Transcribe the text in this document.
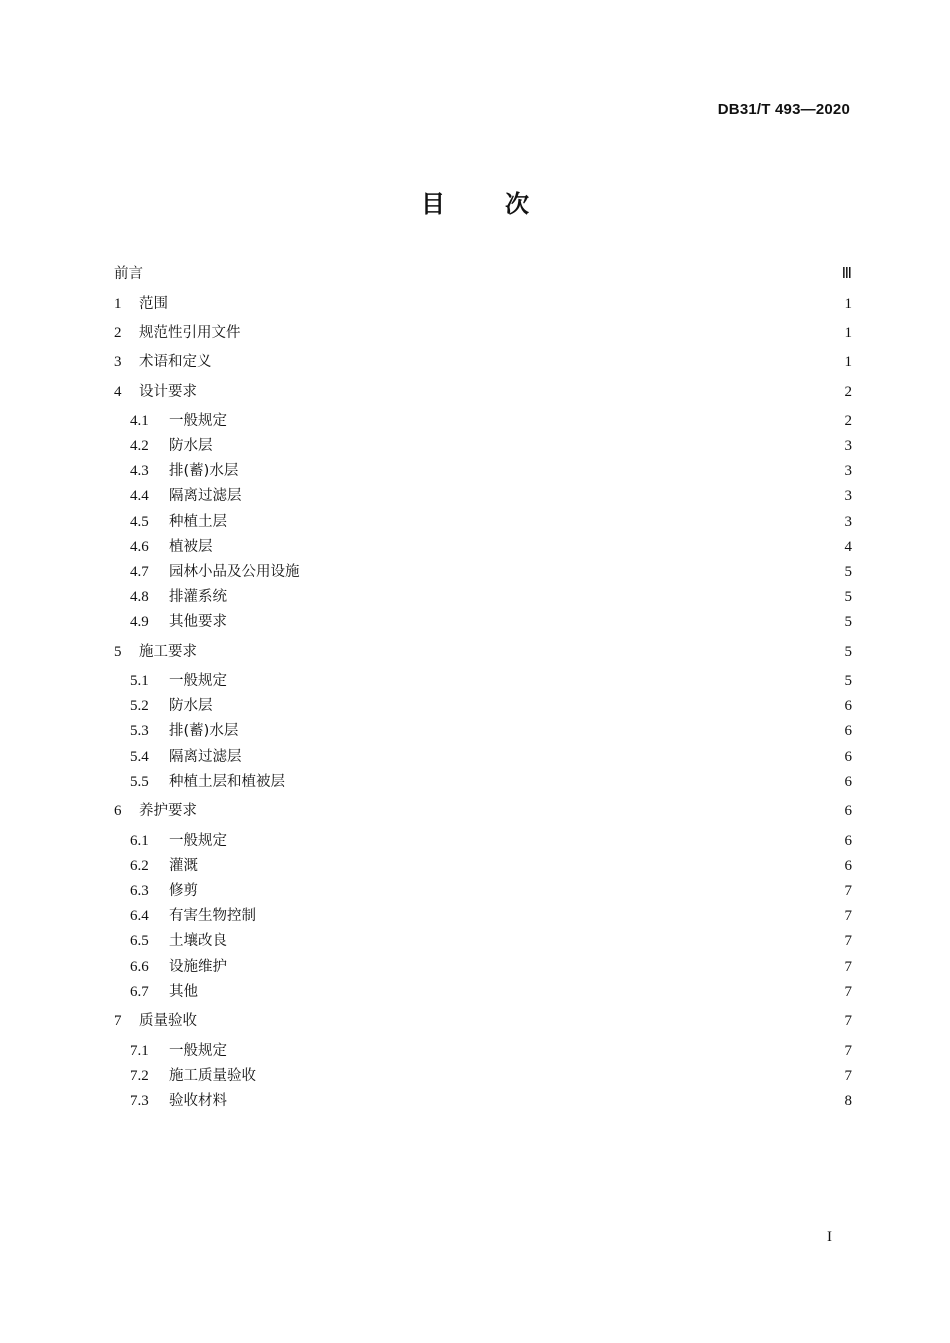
DB31/T 493—2020
目次
前言	Ⅲ
1	范围	1
2	规范性引用文件	1
3	术语和定义	1
4	设计要求	2
4.1	一般规定	2
4.2	防水层	3
4.3	排(蓄)水层	3
4.4	隔离过滤层	3
4.5	种植土层	3
4.6	植被层	4
4.7	园林小品及公用设施	5
4.8	排灌系统	5
4.9	其他要求	5
5	施工要求	5
5.1	一般规定	5
5.2	防水层	6
5.3	排(蓄)水层	6
5.4	隔离过滤层	6
5.5	种植土层和植被层	6
6	养护要求	6
6.1	一般规定	6
6.2	灌溉	6
6.3	修剪	7
6.4	有害生物控制	7
6.5	土壤改良	7
6.6	设施维护	7
6.7	其他	7
7	质量验收	7
7.1	一般规定	7
7.2	施工质量验收	7
7.3	验收材料	8
I
